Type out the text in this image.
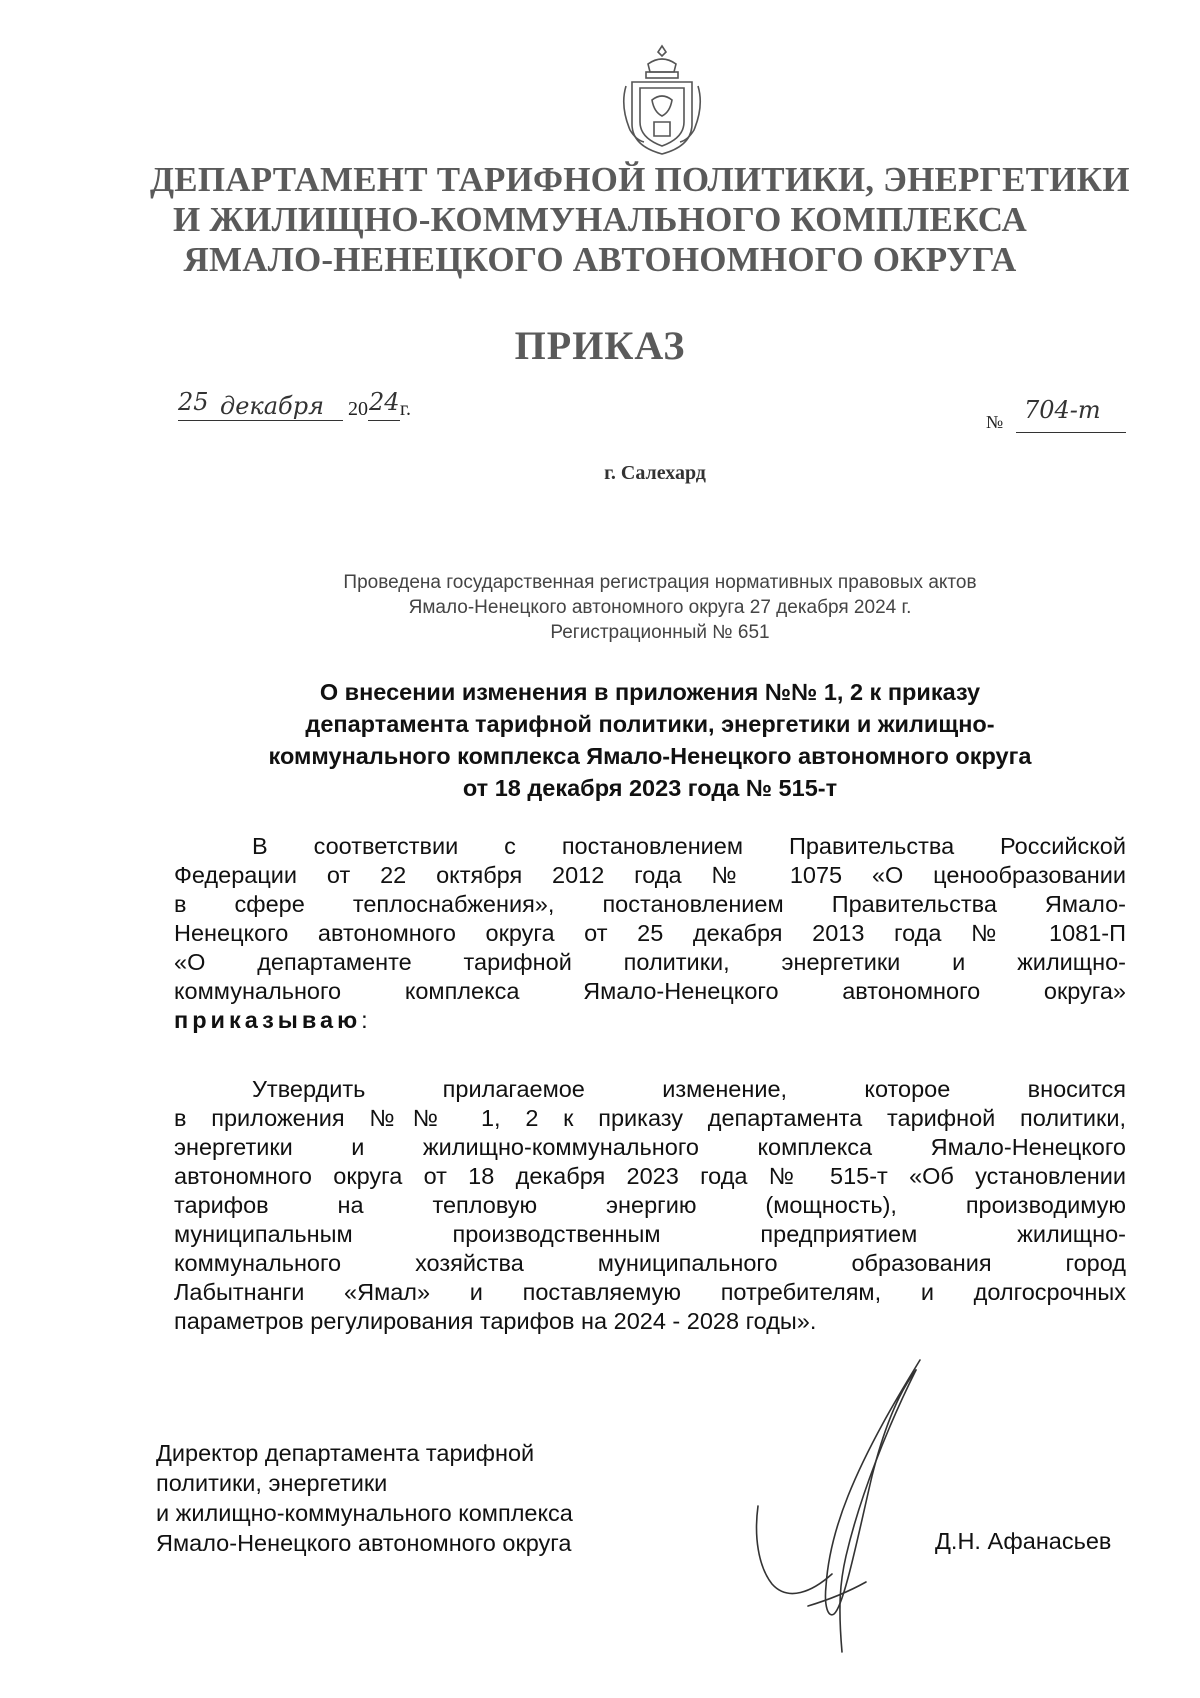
ДЕПАРТАМЕНТ ТАРИФНОЙ ПОЛИТИКИ, ЭНЕРГЕТИКИ
И ЖИЛИЩНО-КОММУНАЛЬНОГО КОМПЛЕКСА
ЯМАЛО-НЕНЕЦКОГО АВТОНОМНОГО ОКРУГА
ПРИКАЗ
25 декабря 20 24 г.
№ 704-т
г. Салехард
Проведена государственная регистрация нормативных правовых актов
Ямало-Ненецкого автономного округа 27 декабря 2024 г.
Регистрационный № 651
О внесении изменения в приложения №№ 1, 2 к приказу
департамента тарифной политики, энергетики и жилищно-
коммунального комплекса Ямало-Ненецкого автономного округа
от 18 декабря 2023 года № 515-т
В соответствии с постановлением Правительства Российской
Федерации от 22 октября 2012 года № 1075 «О ценообразовании
в сфере теплоснабжения», постановлением Правительства Ямало-
Ненецкого автономного округа от 25 декабря 2013 года № 1081-П
«О департаменте тарифной политики, энергетики и жилищно-
коммунального комплекса Ямало-Ненецкого автономного округа»
приказываю:
Утвердить прилагаемое изменение, которое вносится
в приложения №№ 1, 2 к приказу департамента тарифной политики,
энергетики и жилищно-коммунального комплекса Ямало-Ненецкого
автономного округа от 18 декабря 2023 года № 515-т «Об установлении
тарифов на тепловую энергию (мощность), производимую
муниципальным производственным предприятием жилищно-
коммунального хозяйства муниципального образования город
Лабытнанги «Ямал» и поставляемую потребителям, и долгосрочных
параметров регулирования тарифов на 2024 - 2028 годы».
Директор департамента тарифной
политики, энергетики
и жилищно-коммунального комплекса
Ямало-Ненецкого автономного округа	Д.Н. Афанасьев
